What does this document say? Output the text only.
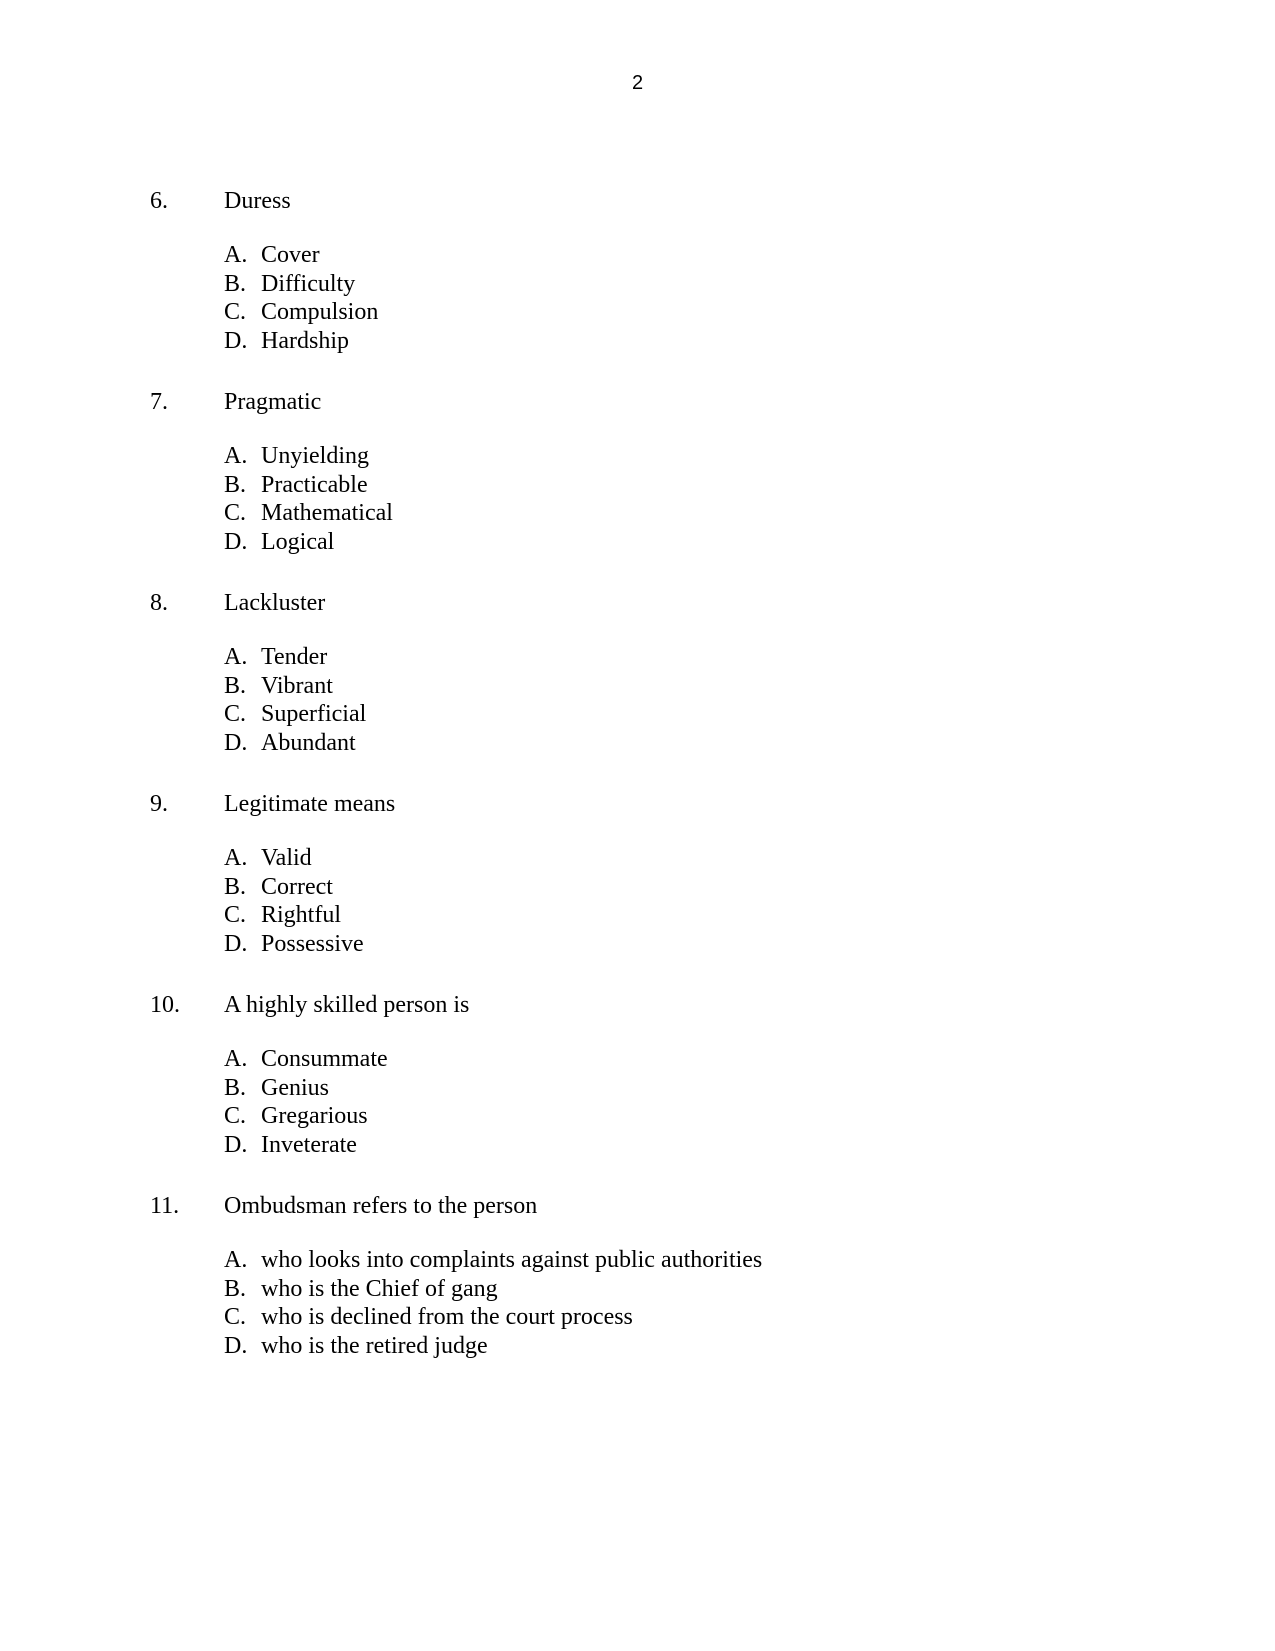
2
6. Duress
A. Cover
B. Difficulty
C. Compulsion
D. Hardship
7. Pragmatic
A. Unyielding
B. Practicable
C. Mathematical
D. Logical
8. Lackluster
A. Tender
B. Vibrant
C. Superficial
D. Abundant
9. Legitimate means
A. Valid
B. Correct
C. Rightful
D. Possessive
10. A highly skilled person is
A. Consummate
B. Genius
C. Gregarious
D. Inveterate
11. Ombudsman refers to the person
A. who looks into complaints against public authorities
B. who is the Chief of gang
C. who is declined from the court process
D. who is the retired judge
